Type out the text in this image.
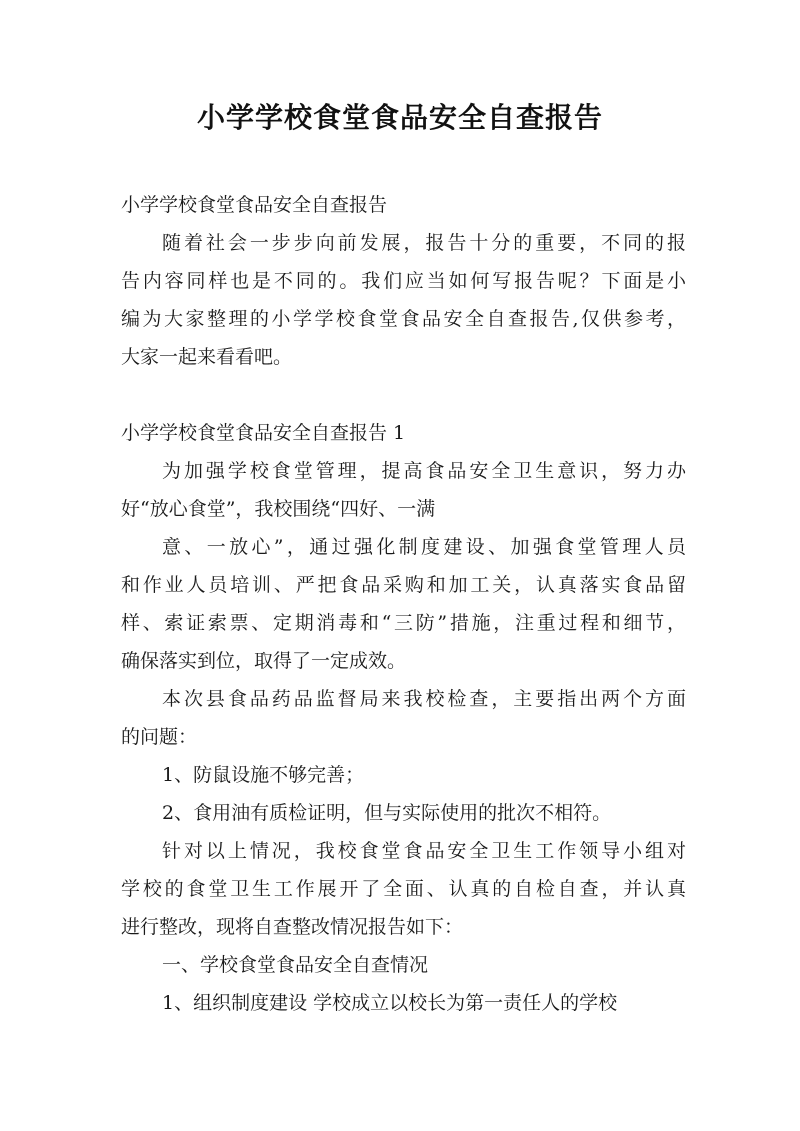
小学学校食堂食品安全自查报告
小学学校食堂食品安全自查报告
随着社会一步步向前发展，报告十分的重要，不同的报
告内容同样也是不同的。我们应当如何写报告呢？下面是小
编为大家整理的小学学校食堂食品安全自查报告,仅供参考，
大家一起来看看吧。
小学学校食堂食品安全自查报告 1
为加强学校食堂管理，提高食品安全卫生意识，努力办
好“放心食堂”，我校围绕“四好、一满
意、一放心”，通过强化制度建设、加强食堂管理人员
和作业人员培训、严把食品采购和加工关，认真落实食品留
样、索证索票、定期消毒和“三防”措施，注重过程和细节，
确保落实到位，取得了一定成效。
本次县食品药品监督局来我校检查，主要指出两个方面
的问题：
1、防鼠设施不够完善；
2、食用油有质检证明，但与实际使用的批次不相符。
针对以上情况，我校食堂食品安全卫生工作领导小组对
学校的食堂卫生工作展开了全面、认真的自检自查，并认真
进行整改，现将自查整改情况报告如下：
一、学校食堂食品安全自查情况
1、组织制度建设 学校成立以校长为第一责任人的学校
